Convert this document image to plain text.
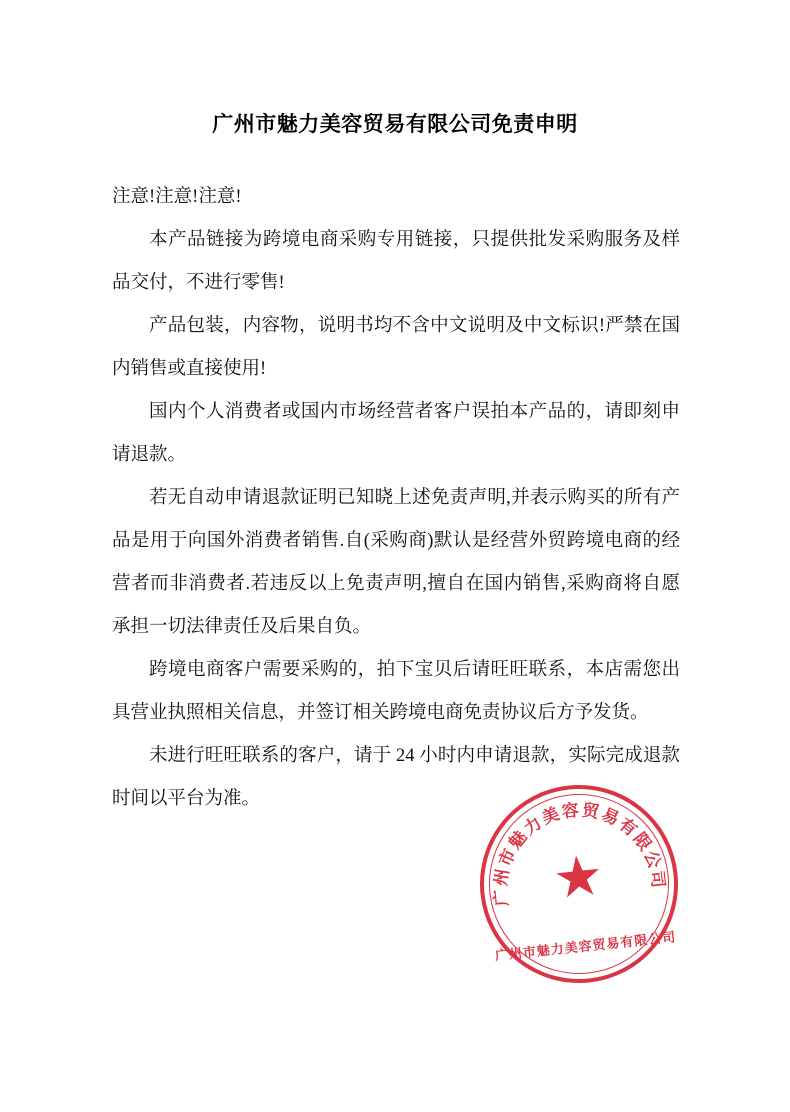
广州市魅力美容贸易有限公司免责申明

注意!注意!注意!

本产品链接为跨境电商采购专用链接，只提供批发采购服务及样品交付，不进行零售!

产品包装，内容物，说明书均不含中文说明及中文标识!严禁在国内销售或直接使用!

国内个人消费者或国内市场经营者客户误拍本产品的，请即刻申请退款。

若无自动申请退款证明已知晓上述免责声明,并表示购买的所有产品是用于向国外消费者销售.自(采购商)默认是经营外贸跨境电商的经营者而非消费者.若违反以上免责声明,擅自在国内销售,采购商将自愿承担一切法律责任及后果自负。

跨境电商客户需要采购的，拍下宝贝后请旺旺联系，本店需您出具营业执照相关信息，并签订相关跨境电商免责协议后方予发货。

未进行旺旺联系的客户，请于 24 小时内申请退款，实际完成退款时间以平台为准。

广州市魅力美容贸易有限公司
★
广州市魅力美容贸易有限公司
